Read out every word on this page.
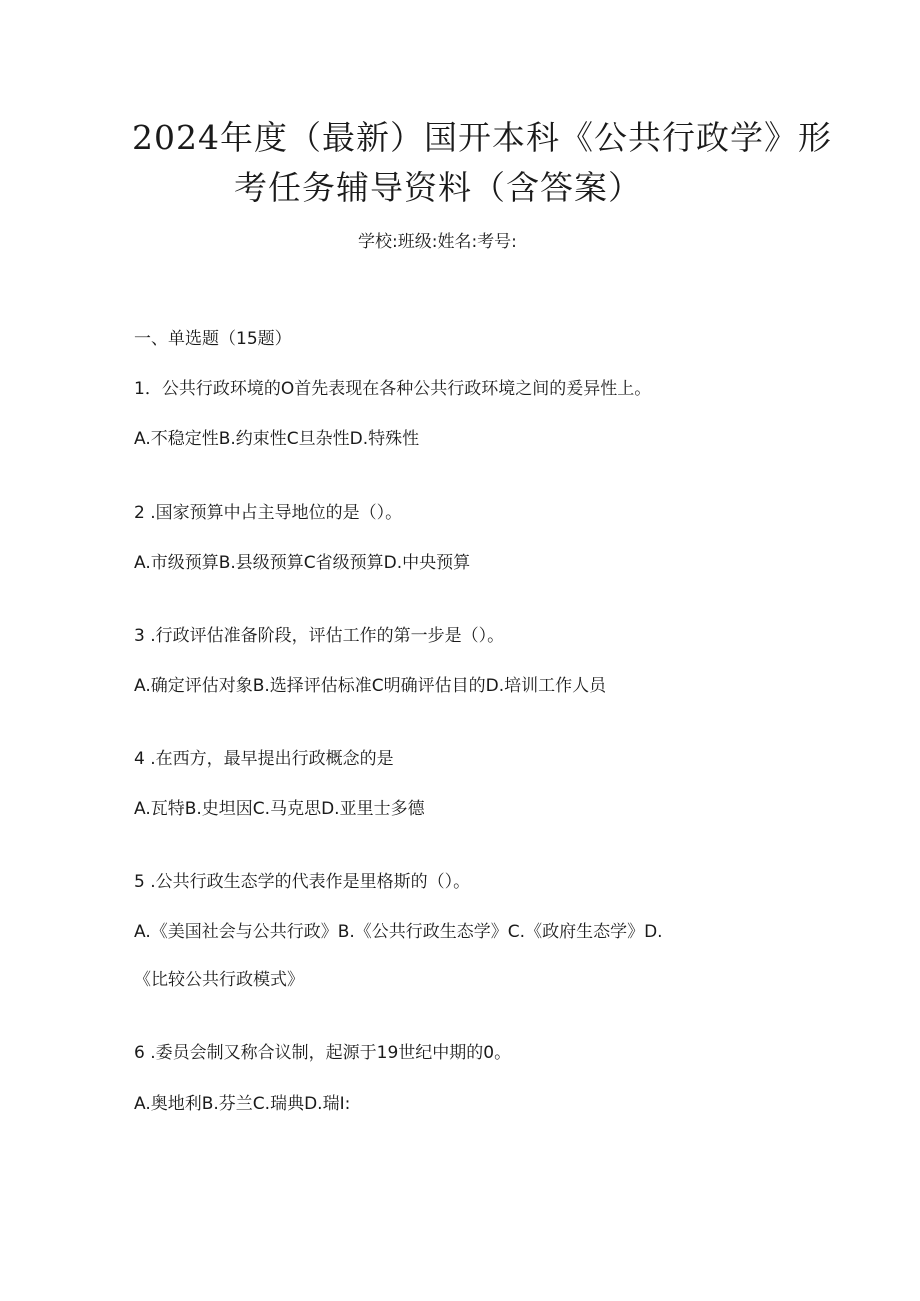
2024年度（最新）国开本科《公共行政学》形
考任务辅导资料（含答案）
学校:班级:姓名:考号:
一、单选题（15题）
1．公共行政环境的O首先表现在各种公共行政环境之间的爰异性上。
A.不稳定性B.约束性C旦杂性D.特殊性
2 .国家预算中占主导地位的是（）。
A.市级预算B.县级预算C省级预算D.中央预算
3 .行政评估准备阶段，评估工作的第一步是（）。
A.确定评估对象B.选择评估标准C明确评估目的D.培训工作人员
4 .在西方，最早提出行政概念的是
A.瓦特B.史坦因C.马克思D.亚里士多德
5 .公共行政生态学的代表作是里格斯的（）。
A.《美国社会与公共行政》B.《公共行政生态学》C.《政府生态学》D.
《比较公共行政模式》
6 .委员会制又称合议制，起源于19世纪中期的0。
A.奥地利B.芬兰C.瑞典D.瑞I:
